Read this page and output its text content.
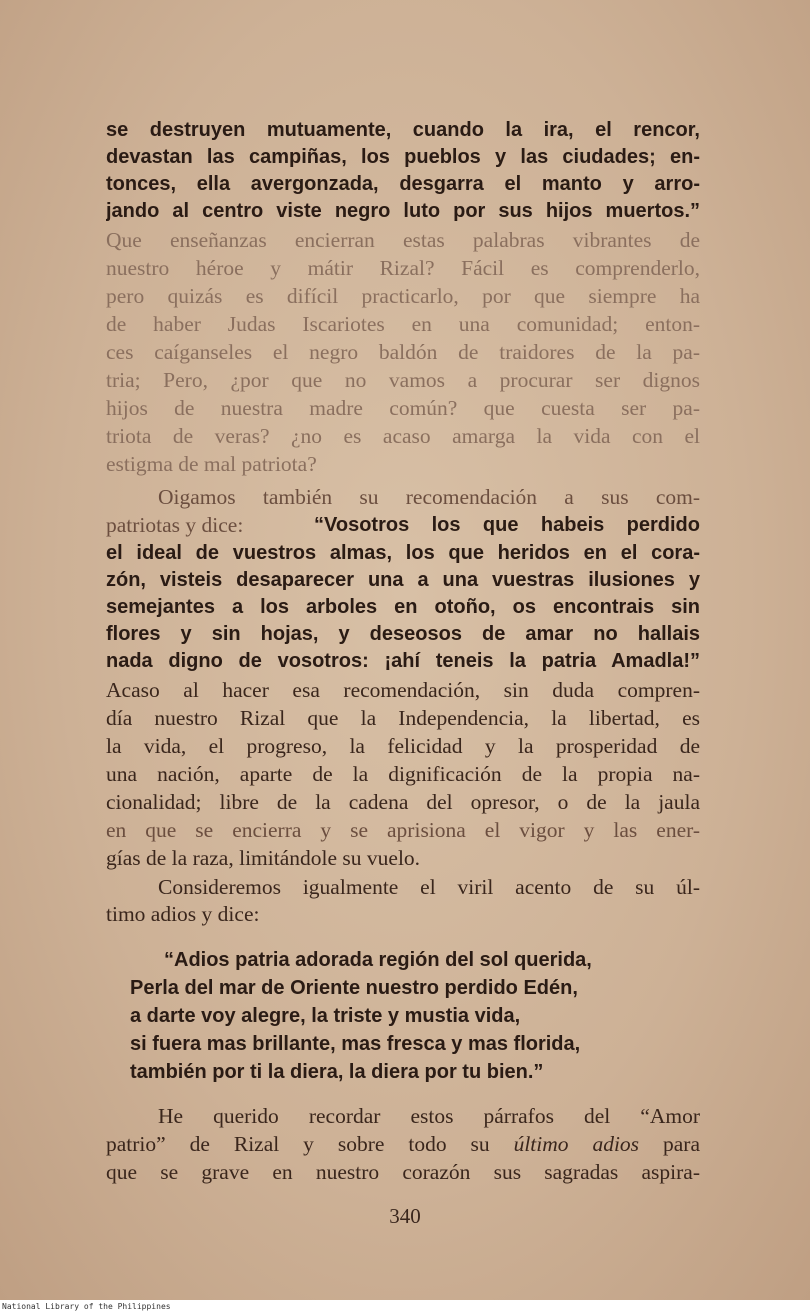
se destruyen mutuamente, cuando la ira, el rencor,
devastan las campiñas, los pueblos y las ciudades; en-
tonces, ella avergonzada, desgarra el manto y arro-
jando al centro viste negro luto por sus hijos muertos.”
Que enseñanzas encierran estas palabras vibrantes de
nuestro héroe y mátir Rizal? Fácil es comprenderlo,
pero quizás es difícil practicarlo, por que siempre ha
de haber Judas Iscariotes en una comunidad; enton-
ces caíganseles el negro baldón de traidores de la pa-
tria; Pero, ¿por que no vamos a procurar ser dignos
hijos de nuestra madre común? que cuesta ser pa-
triota de veras? ¿no es acaso amarga la vida con el
estigma de mal patriota?
Oigamos también su recomendación a sus com-
patriotas y dice:	“Vosotros los que habeis perdido
el ideal de vuestros almas, los que heridos en el cora-
zón, visteis desaparecer una a una vuestras ilusiones y
semejantes a los arboles en otoño, os encontrais sin
flores y sin hojas, y deseosos de amar no hallais
nada digno de vosotros: ¡ahí teneis la patria Amadla!”
Acaso al hacer esa recomendación, sin duda compren-
día nuestro Rizal que la Independencia, la libertad, es
la vida, el progreso, la felicidad y la prosperidad de
una nación, aparte de la dignificación de la propia na-
cionalidad; libre de la cadena del opresor, o de la jaula
en que se encierra y se aprisiona el vigor y las ener-
gías de la raza, limitándole su vuelo.
Consideremos igualmente el viril acento de su úl-
timo adios y dice:
“Adios patria adorada región del sol querida,
Perla del mar de Oriente nuestro perdido Edén,
a darte voy alegre, la triste y mustia vida,
si fuera mas brillante, mas fresca y mas florida,
también por ti la diera, la diera por tu bien.”
He querido recordar estos párrafos del “Amor
patrio” de Rizal y sobre todo su último adios para
que se grave en nuestro corazón sus sagradas aspira-
340
National Library of the Philippines
